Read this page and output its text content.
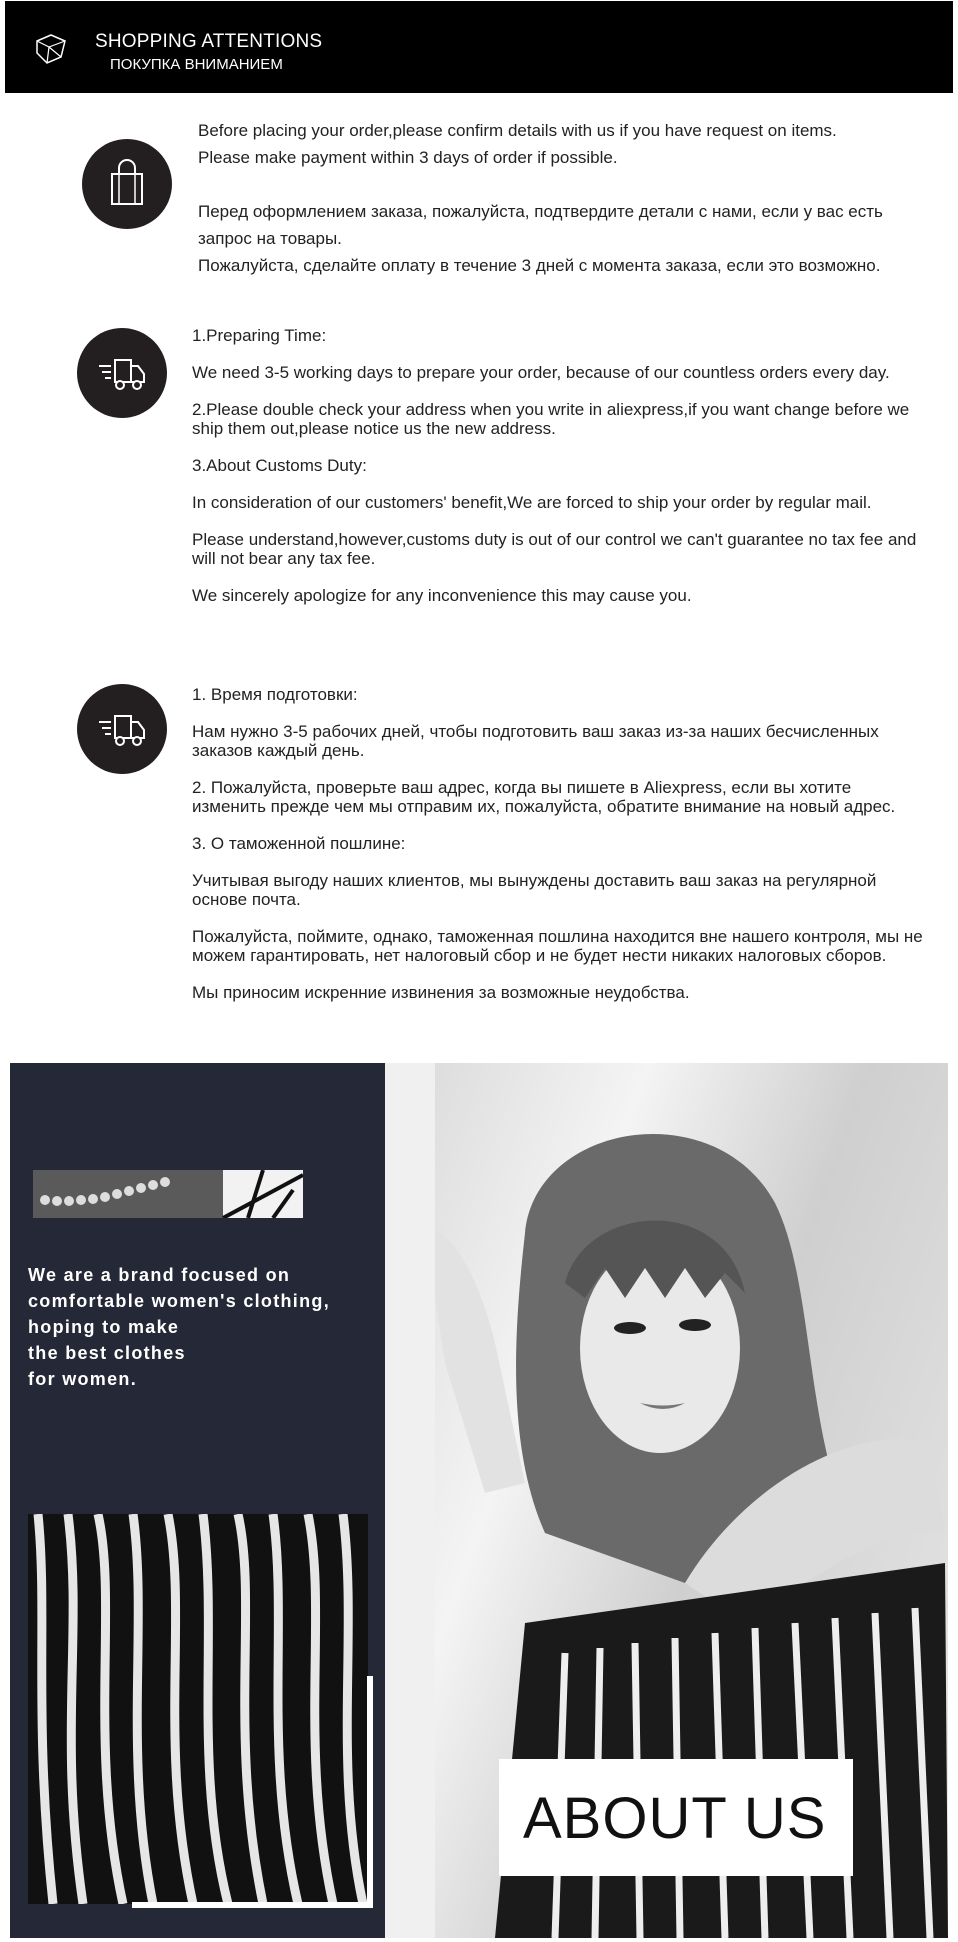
SHOPPING ATTENTIONS
ПОКУПКА ВНИМАНИЕМ

Before placing your order,please confirm details with us if you have request on items.

Please make payment within 3 days of order if possible.

Перед оформлением заказа, пожалуйста, подтвердите детали с нами, если у вас есть запрос на товары.

Пожалуйста, сделайте оплату в течение 3 дней с момента заказа, если это возможно.

1.Preparing Time:

We need 3-5 working days to prepare your order, because of our countless orders every day.

2.Please double check your address when you write in aliexpress,if you want change before we ship them out,please notice us the new address.

3.About Customs Duty:

In consideration of our customers' benefit,We are forced to ship your order by regular mail.

Please understand,however,customs duty is out of our control we can't guarantee no tax fee and will not bear any tax fee.

We sincerely apologize for any inconvenience this may cause you.

1. Время подготовки:

Нам нужно 3-5 рабочих дней, чтобы подготовить ваш заказ из-за наших бесчисленных заказов каждый день.

2. Пожалуйста, проверьте ваш адрес, когда вы пишете в Aliexpress, если вы хотите изменить прежде чем мы отправим их, пожалуйста, обратите внимание на новый адрес.

3. О таможенной пошлине:

Учитывая выгоду наших клиентов, мы вынуждены доставить ваш заказ на регулярной основе почта.

Пожалуйста, поймите, однако, таможенная пошлина находится вне нашего контроля, мы не можем гарантировать, нет налоговый сбор и не будет нести никаких налоговых сборов.

Мы приносим искренние извинения за возможные неудобства.

We are a brand focused on
comfortable women's clothing,
hoping to make
the best clothes
for women.
ABOUT US
